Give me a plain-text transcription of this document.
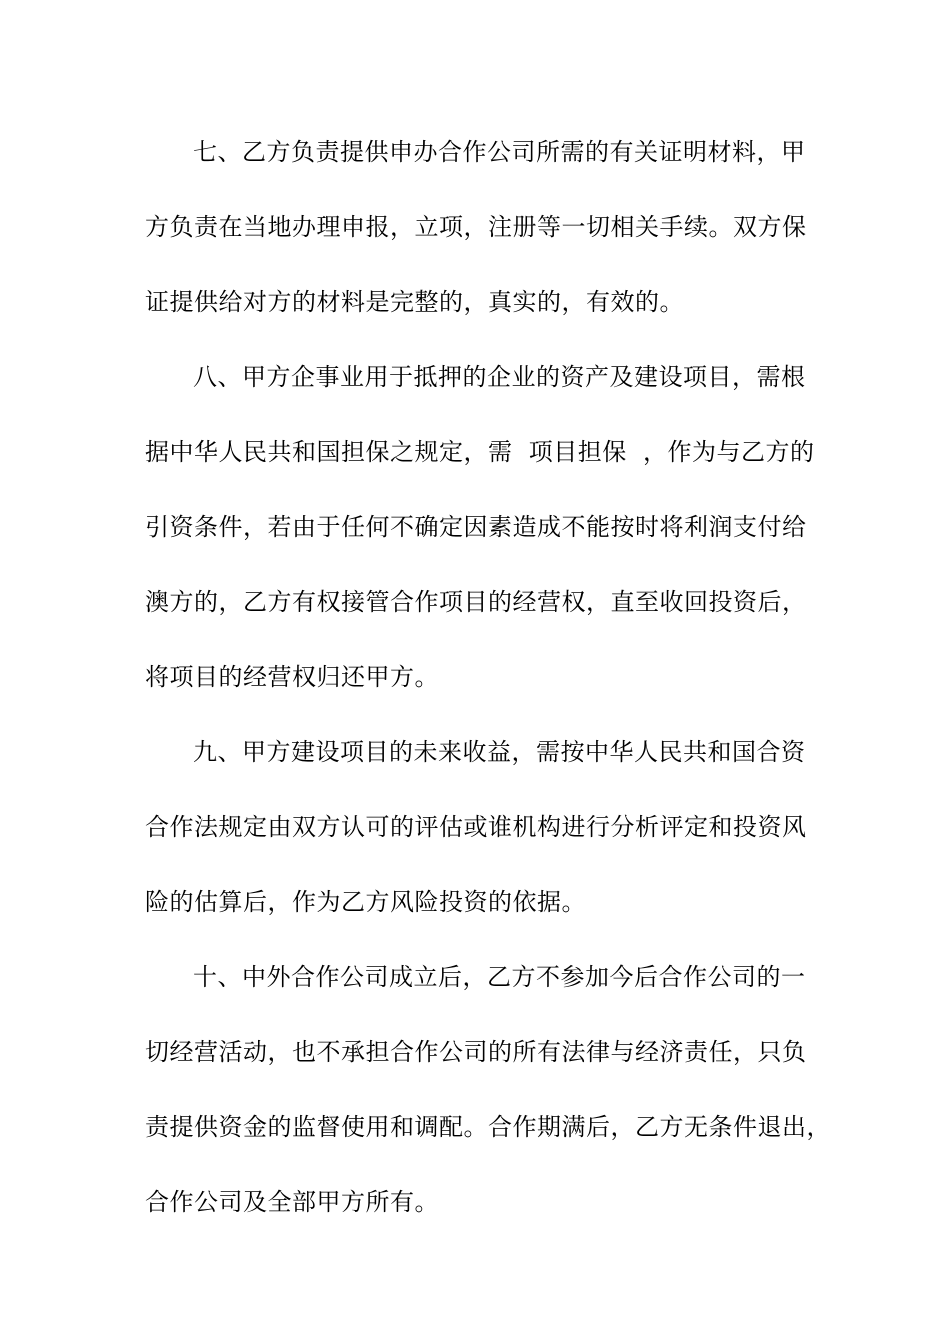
七、乙方负责提供申办合作公司所需的有关证明材料，甲
方负责在当地办理申报，立项，注册等一切相关手续。双方保
证提供给对方的材料是完整的，真实的，有效的。
八、甲方企事业用于抵押的企业的资产及建设项目，需根
据中华人民共和国担保之规定，需  项目担保  ，作为与乙方的
引资条件，若由于任何不确定因素造成不能按时将利润支付给
澳方的，乙方有权接管合作项目的经营权，直至收回投资后，
将项目的经营权归还甲方。
九、甲方建设项目的未来收益，需按中华人民共和国合资
合作法规定由双方认可的评估或谁机构进行分析评定和投资风
险的估算后，作为乙方风险投资的依据。
十、中外合作公司成立后，乙方不参加今后合作公司的一
切经营活动，也不承担合作公司的所有法律与经济责任，只负
责提供资金的监督使用和调配。合作期满后，乙方无条件退出，
合作公司及全部甲方所有。
